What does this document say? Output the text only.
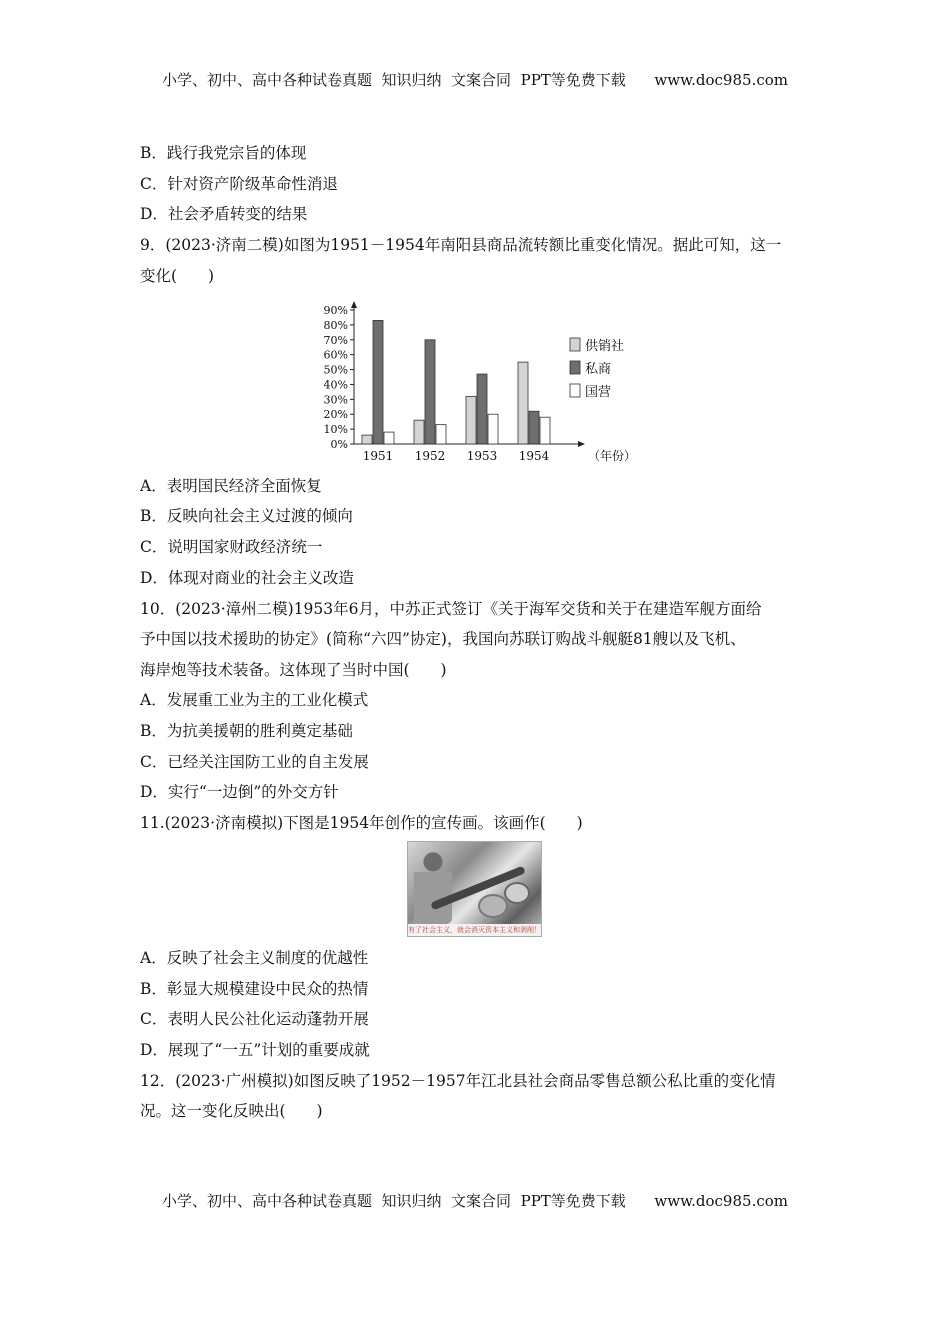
小学、初中、高中各种试卷真题  知识归纳  文案合同  PPT等免费下载      www.doc985.com
B．践行我党宗旨的体现
C．针对资产阶级革命性消退
D．社会矛盾转变的结果
9．(2023·济南二模)如图为1951－1954年南阳县商品流转额比重变化情况。据此可知，这一
变化(　　)
0%
10%
20%
30%
40%
50%
60%
70%
80%
90%
1951 1952 1953 1954	（年份）
供销社
私商
国营
A．表明国民经济全面恢复
B．反映向社会主义过渡的倾向
C．说明国家财政经济统一
D．体现对商业的社会主义改造
10．(2023·漳州二模)1953年6月，中苏正式签订《关于海军交货和关于在建造军舰方面给
予中国以技术援助的协定》(简称“六四”协定)，我国向苏联订购战斗舰艇81艘以及飞机、
海岸炮等技术装备。这体现了当时中国(　　)
A．发展重工业为主的工业化模式
B．为抗美援朝的胜利奠定基础
C．已经关注国防工业的自主发展
D．实行“一边倒”的外交方针
11.(2023·济南模拟)下图是1954年创作的宣传画。该画作(　　)
有了社会主义，就会消灭资本主义和剥削！
A．反映了社会主义制度的优越性
B．彰显大规模建设中民众的热情
C．表明人民公社化运动蓬勃开展
D．展现了“一五”计划的重要成就
12．(2023·广州模拟)如图反映了1952－1957年江北县社会商品零售总额公私比重的变化情
况。这一变化反映出(　　)
小学、初中、高中各种试卷真题  知识归纳  文案合同  PPT等免费下载      www.doc985.com
